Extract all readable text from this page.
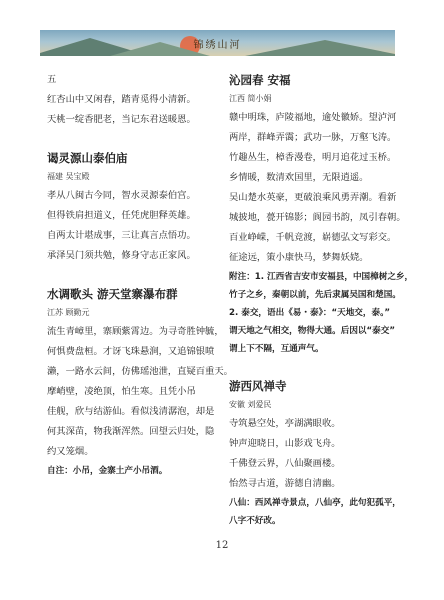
锦绣山河
五
红杏山中又闲春，踏青觅得小清新。
天桃一绽香肥老，当记东君送暖恩。
谒灵源山泰伯庙
福建 吴宝殿
孝从八闽古今同，智水灵源泰伯宫。
但得铁肩担道义，任凭虎胆释英雄。
自两太计堪成事，三让真言点悟功。
承泽吴门须共勉，修身守志正家风。
水调歌头 游天堂寨瀑布群
江苏 顾勤元
流生青嶂里，寨顾紫霄边。为寻奇胜钟毓，
何惧费盘桓。才讶飞珠悬涧，又追锦银喷
濑，一路水云间，仿佛瑶池泄，直疑百重天。
摩峭壁，凌绝顶，怕生寒。且凭小吊
佳舰，欣与结游仙。看似浅清潺泡，却是
何其深苗，物我渐浑然。回望云归处，隐
约又笼烟。
自注：小吊，金寨土产小吊酒。
沁园春 安福
江西 简小娟
赣中明珠，庐陵福地，逾处徽娇。望泸河
两岸，群峰弄霭；武功一脉，万壑飞涛。
竹趣丛生，樟香漫卷，明月追花过玉桥。
乡情暖，数清欢国里，无限逍遥。
吴山楚水英豪，更破浪乘风勇弄潮。看新
城披地，甍开锦影；阆园书韵，凤引春朝。
百业峥嵘，千帆竞渡，崭德弘文写彩交。
征途远，策小康快马，梦舞妖娆。
附注：1. 江西省吉安市安福县，中国樟树之乡，
竹子之乡，秦朝以前，先后隶属吴国和楚国。
2. 泰交，语出《易・泰》：“天地交，泰。”
谓天地之气相交，物得大通。后因以“泰交”
谓上下不隔，互通声气。
游西风禅寺
安徽 刘爱民
寺筑悬空处，亭湖满眼收。
钟声迎晓日，山影戏飞舟。
千佛登云界，八仙聚画楼。
怡然寻古道，游德自清幽。
八仙：西风禅寺景点，八仙亭，此句犯孤平，
八字不好改。
12
